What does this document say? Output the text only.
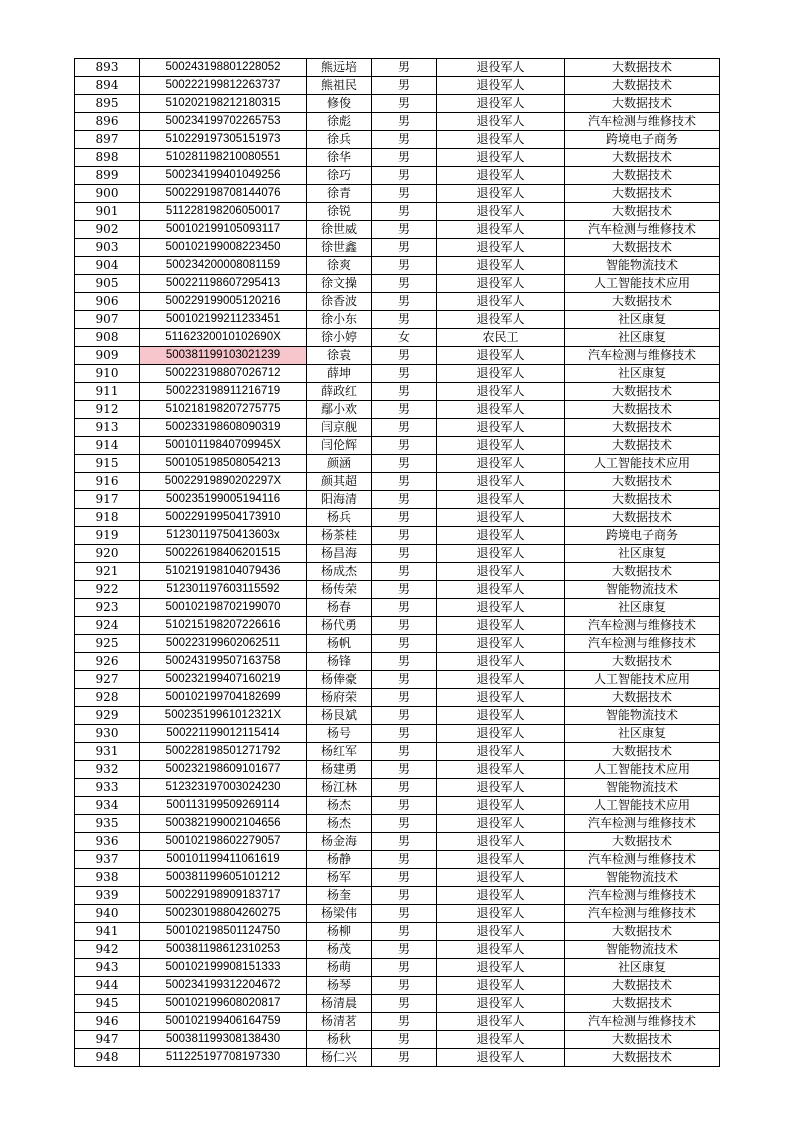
893	500243198801228052	熊远培	男	退役军人	大数据技术
894	500222199812263737	熊祖民	男	退役军人	大数据技术
895	510202198212180315	修俊	男	退役军人	大数据技术
896	500234199702265753	徐彪	男	退役军人	汽车检测与维修技术
897	510229197305151973	徐兵	男	退役军人	跨境电子商务
898	510281198210080551	徐华	男	退役军人	大数据技术
899	500234199401049256	徐巧	男	退役军人	大数据技术
900	500229198708144076	徐青	男	退役军人	大数据技术
901	511228198206050017	徐锐	男	退役军人	大数据技术
902	500102199105093117	徐世威	男	退役军人	汽车检测与维修技术
903	500102199008223450	徐世鑫	男	退役军人	大数据技术
904	500234200008081159	徐爽	男	退役军人	智能物流技术
905	500221198607295413	徐文操	男	退役军人	人工智能技术应用
906	500229199005120216	徐香波	男	退役军人	大数据技术
907	500102199211233451	徐小东	男	退役军人	社区康复
908	51162320010102690X	徐小婷	女	农民工	社区康复
909	500381199103021239	徐袁	男	退役军人	汽车检测与维修技术
910	500223198807026712	薛坤	男	退役军人	社区康复
911	500223198911216719	薛政红	男	退役军人	大数据技术
912	510218198207275775	鄢小欢	男	退役军人	大数据技术
913	500233198608090319	闫京舰	男	退役军人	大数据技术
914	50010119840709945X	闫伦辉	男	退役军人	大数据技术
915	500105198508054213	颜涵	男	退役军人	人工智能技术应用
916	50022919890202297X	颜其超	男	退役军人	大数据技术
917	500235199005194116	阳海清	男	退役军人	大数据技术
918	500229199504173910	杨兵	男	退役军人	大数据技术
919	51230119750413603x	杨茶桂	男	退役军人	跨境电子商务
920	500226198406201515	杨昌海	男	退役军人	社区康复
921	510219198104079436	杨成杰	男	退役军人	大数据技术
922	512301197603115592	杨传荣	男	退役军人	智能物流技术
923	500102198702199070	杨春	男	退役军人	社区康复
924	510215198207226616	杨代勇	男	退役军人	汽车检测与维修技术
925	500223199602062511	杨帆	男	退役军人	汽车检测与维修技术
926	500243199507163758	杨锋	男	退役军人	大数据技术
927	500232199407160219	杨俸豪	男	退役军人	人工智能技术应用
928	500102199704182699	杨府荣	男	退役军人	大数据技术
929	50023519961012321X	杨艮斌	男	退役军人	智能物流技术
930	500221199012115414	杨号	男	退役军人	社区康复
931	500228198501271792	杨红军	男	退役军人	大数据技术
932	500232198609101677	杨建勇	男	退役军人	人工智能技术应用
933	512323197003024230	杨江林	男	退役军人	智能物流技术
934	500113199509269114	杨杰	男	退役军人	人工智能技术应用
935	500382199002104656	杨杰	男	退役军人	汽车检测与维修技术
936	500102198602279057	杨金海	男	退役军人	大数据技术
937	500101199411061619	杨静	男	退役军人	汽车检测与维修技术
938	500381199605101212	杨军	男	退役军人	智能物流技术
939	500229198909183717	杨奎	男	退役军人	汽车检测与维修技术
940	500230198804260275	杨梁伟	男	退役军人	汽车检测与维修技术
941	500102198501124750	杨柳	男	退役军人	大数据技术
942	500381198612310253	杨茂	男	退役军人	智能物流技术
943	500102199908151333	杨萌	男	退役军人	社区康复
944	500234199312204672	杨琴	男	退役军人	大数据技术
945	500102199608020817	杨清晨	男	退役军人	大数据技术
946	500102199406164759	杨清茗	男	退役军人	汽车检测与维修技术
947	500381199308138430	杨秋	男	退役军人	大数据技术
948	511225197708197330	杨仁兴	男	退役军人	大数据技术
